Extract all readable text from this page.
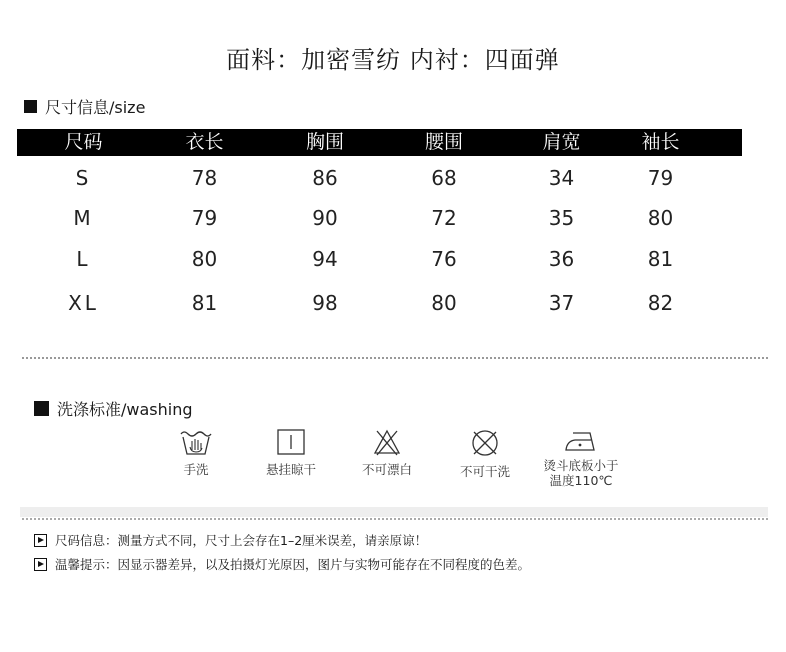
面料：加密雪纺 内衬：四面弹
尺寸信息/size
尺码	衣长	胸围	腰围	肩宽	袖长
S	78	86	68	34	79
M	79	90	72	35	80
L	80	94	76	36	81
XL	81	98	80	37	82
洗涤标准/washing
手洗	悬挂晾干	不可漂白	不可干洗	烫斗底板小于
温度110℃
尺码信息：测量方式不同，尺寸上会存在1–2厘米误差，请亲原谅！
温馨提示：因显示器差异，以及拍摄灯光原因，图片与实物可能存在不同程度的色差。
